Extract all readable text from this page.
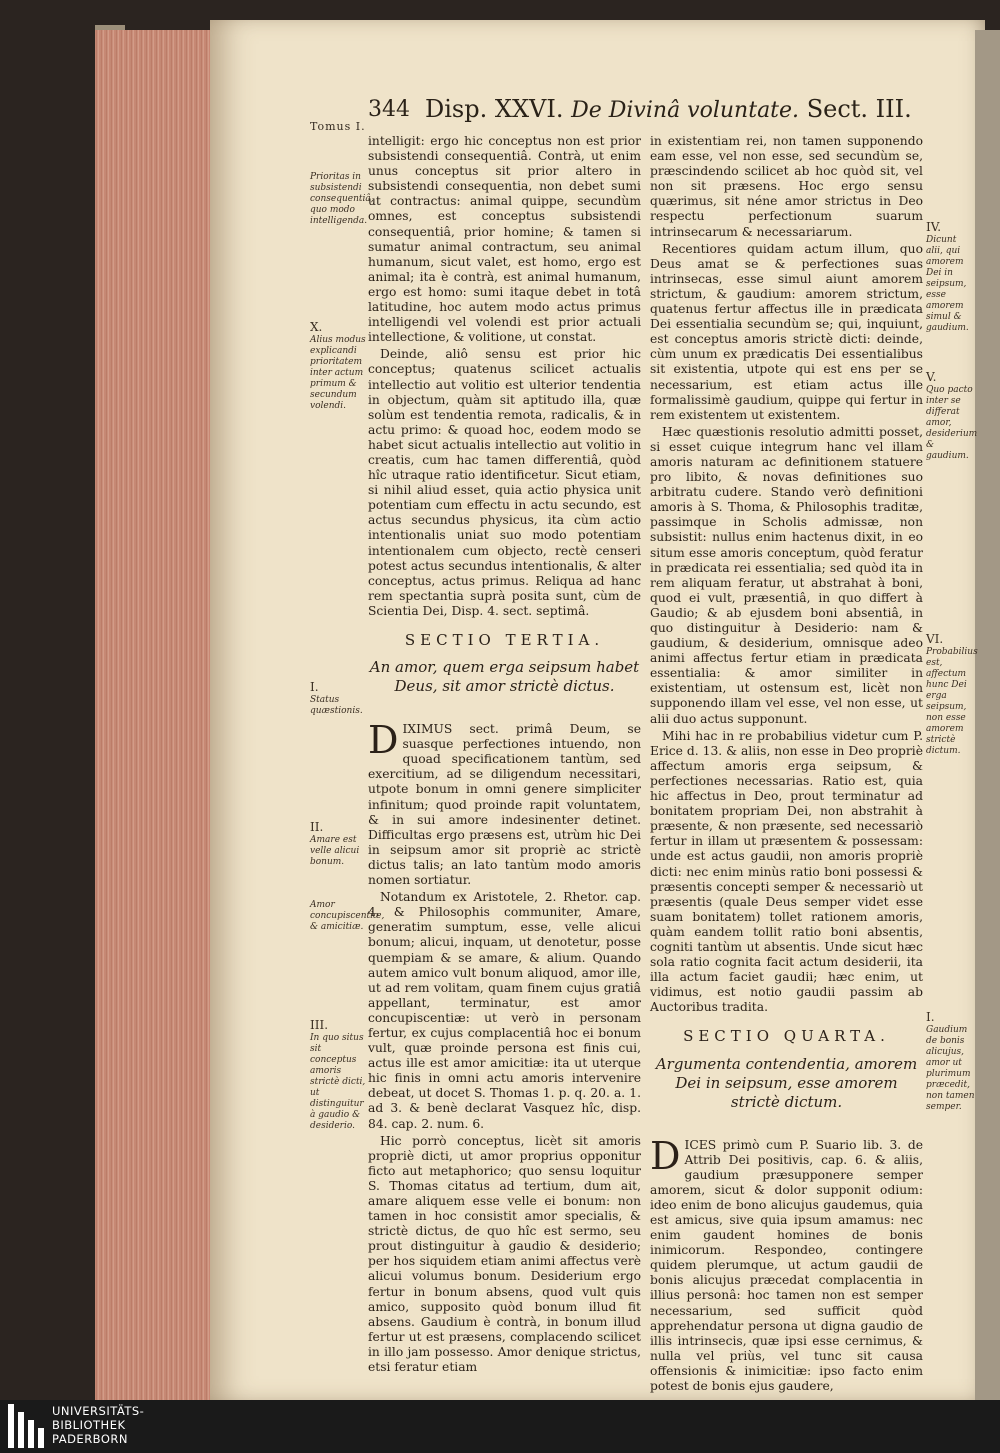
Tomus I.
344 Disp. XXVI. De Divinâ voluntate. Sect. III.

intelligit: ergo hic conceptus non est prior subsistendi consequentiâ. Contrà, ut enim unus conceptus sit prior altero in subsistendi consequentia, non debet sumi ut contractus: animal quippe, secundùm omnes, est conceptus subsistendi consequentiâ, prior homine; & tamen si sumatur animal contractum, seu animal humanum, sicut valet, est homo, ergo est animal; ita è contrà, est animal humanum, ergo est homo: sumi itaque debet in totâ latitudine, hoc autem modo actus primus intelligendi vel volendi est prior actuali intellectione, & volitione, ut constat.

Deinde, aliô sensu est prior hic conceptus; quatenus scilicet actualis intellectio aut volitio est ulterior tendentia in objectum, quàm sit aptitudo illa, quæ solùm est tendentia remota, radicalis, & in actu primo: & quoad hoc, eodem modo se habet sicut actualis intellectio aut volitio in creatis, cum hac tamen differentiâ, quòd hîc utraque ratio identificetur. Sicut etiam, si nihil aliud esset, quia actio physica unit potentiam cum effectu in actu secundo, est actus secundus physicus, ita cùm actio intentionalis uniat suo modo potentiam intentionalem cum objecto, rectè censeri potest actus secundus intentionalis, & alter conceptus, actus primus. Reliqua ad hanc rem spectantia suprà posita sunt, cùm de Scientia Dei, Disp. 4. sect. septimâ.

SECTIO TERTIA.
An amor, quem erga seipsum habet Deus, sit amor strictè dictus.

DIXIMUS sect. primâ Deum, se suasque perfectiones intuendo, non quoad specificationem tantùm, sed exercitium, ad se diligendum necessitari, utpote bonum in omni genere simpliciter infinitum; quod proinde rapit voluntatem, & in sui amore indesinenter detinet. Difficultas ergo præsens est, utrùm hic Dei in seipsum amor sit propriè ac strictè dictus talis; an lato tantùm modo amoris nomen sortiatur.

Notandum ex Aristotele, 2. Rhetor. cap. 4. & Philosophis communiter, Amare, generatim sumptum, esse, velle alicui bonum; alicui, inquam, ut denotetur, posse quempiam & se amare, & alium. Quando autem amico vult bonum aliquod, amor ille, ut ad rem volitam, quam finem cujus gratiâ appellant, terminatur, est amor concupiscentiæ: ut verò in personam fertur, ex cujus complacentiâ hoc ei bonum vult, quæ proinde persona est finis cui, actus ille est amor amicitiæ: ita ut uterque hic finis in omni actu amoris intervenire debeat, ut docet S. Thomas 1. p. q. 20. a. 1. ad 3. & benè declarat Vasquez hîc, disp. 84. cap. 2. num. 6.

Hic porrò conceptus, licèt sit amoris propriè dicti, ut amor proprius opponitur ficto aut metaphorico; quo sensu loquitur S. Thomas citatus ad tertium, dum ait, amare aliquem esse velle ei bonum: non tamen in hoc consistit amor specialis, & strictè dictus, de quo hîc est sermo, seu prout distinguitur à gaudio & desiderio; per hos siquidem etiam animi affectus verè alicui volumus bonum. Desiderium ergo fertur in bonum absens, quod vult quis amico, supposito quòd bonum illud fit absens. Gaudium è contrà, in bonum illud fertur ut est præsens, complacendo scilicet in illo jam possesso. Amor denique strictus, etsi feratur etiam

in existentiam rei, non tamen supponendo eam esse, vel non esse, sed secundùm se, præscindendo scilicet ab hoc quòd sit, vel non sit præsens. Hoc ergo sensu quærimus, sit néne amor strictus in Deo respectu perfectionum suarum intrinsecarum & necessariarum.

Recentiores quidam actum illum, quo Deus amat se & perfectiones suas intrinsecas, esse simul aiunt amorem strictum, & gaudium: amorem strictum, quatenus fertur affectus ille in prædicata Dei essentialia secundùm se; qui, inquiunt, est conceptus amoris strictè dicti: deinde, cùm unum ex prædicatis Dei essentialibus sit existentia, utpote qui est ens per se necessarium, est etiam actus ille formalissimè gaudium, quippe qui fertur in rem existentem ut existentem.

Hæc quæstionis resolutio admitti posset, si esset cuique integrum hanc vel illam amoris naturam ac definitionem statuere pro libito, & novas definitiones suo arbitratu cudere. Stando verò definitioni amoris à S. Thoma, & Philosophis traditæ, passimque in Scholis admissæ, non subsistit: nullus enim hactenus dixit, in eo situm esse amoris conceptum, quòd feratur in prædicata rei essentialia; sed quòd ita in rem aliquam feratur, ut abstrahat à boni, quod ei vult, præsentiâ, in quo differt à Gaudio; & ab ejusdem boni absentiâ, in quo distinguitur à Desiderio: nam & gaudium, & desiderium, omnisque adeo animi affectus fertur etiam in prædicata essentialia: & amor similiter in existentiam, ut ostensum est, licèt non supponendo illam vel esse, vel non esse, ut alii duo actus supponunt.

Mihi hac in re probabilius videtur cum P. Erice d. 13. & aliis, non esse in Deo propriè affectum amoris erga seipsum, & perfectiones necessarias. Ratio est, quia hic affectus in Deo, prout terminatur ad bonitatem propriam Dei, non abstrahit à præsente, & non præsente, sed necessariò fertur in illam ut præsentem & possessam: unde est actus gaudii, non amoris propriè dicti: nec enim minùs ratio boni possessi & præsentis concepti semper & necessariò ut præsentis (quale Deus semper videt esse suam bonitatem) tollet rationem amoris, quàm eandem tollit ratio boni absentis, cogniti tantùm ut absentis. Unde sicut hæc sola ratio cognita facit actum desiderii, ita illa actum faciet gaudii; hæc enim, ut vidimus, est notio gaudii passim ab Auctoribus tradita.

SECTIO QUARTA.
Argumenta contendentia, amorem Dei in seipsum, esse amorem strictè dictum.

DICES primò cum P. Suario lib. 3. de Attrib Dei positivis, cap. 6. & aliis, gaudium præsupponere semper amorem, sicut & dolor supponit odium: ideo enim de bono alicujus gaudemus, quia est amicus, sive quia ipsum amamus: nec enim gaudent homines de bonis inimicorum. Respondeo, contingere quidem plerumque, ut actum gaudii de bonis alicujus præcedat complacentia in illius personâ: hoc tamen non est semper necessarium, sed sufficit quòd apprehendatur persona ut digna gaudio de illis intrinsecis, quæ ipsi esse cernimus, & nulla vel priùs, vel tunc sit causa offensionis & inimicitiæ: ipso facto enim potest de bonis ejus gaudere,

Prioritas in subsistendi consequentiâ, quo modo intelligenda.
X.
Alius modus explicandi prioritatem inter actum primum & secundum volendi.
I.
Status quæstionis.
II.
Amare est velle alicui bonum.
Amor concupiscentiæ, & amicitiæ.
III.
In quo situs sit conceptus amoris strictè dicti, ut distinguitur à gaudio & desiderio.
IV.
Dicunt alii, qui amorem Dei in seipsum, esse amorem simul & gaudium.
V.
Quo pacto inter se differat amor, desiderium & gaudium.
VI.
Probabilius est, affectum hunc Dei erga seipsum, non esse amorem strictè dictum.
I.
Gaudium de bonis alicujus, amor ut plurimum præcedit, non tamen semper.
UNIVERSITÄTS-
BIBLIOTHEK
PADERBORN
